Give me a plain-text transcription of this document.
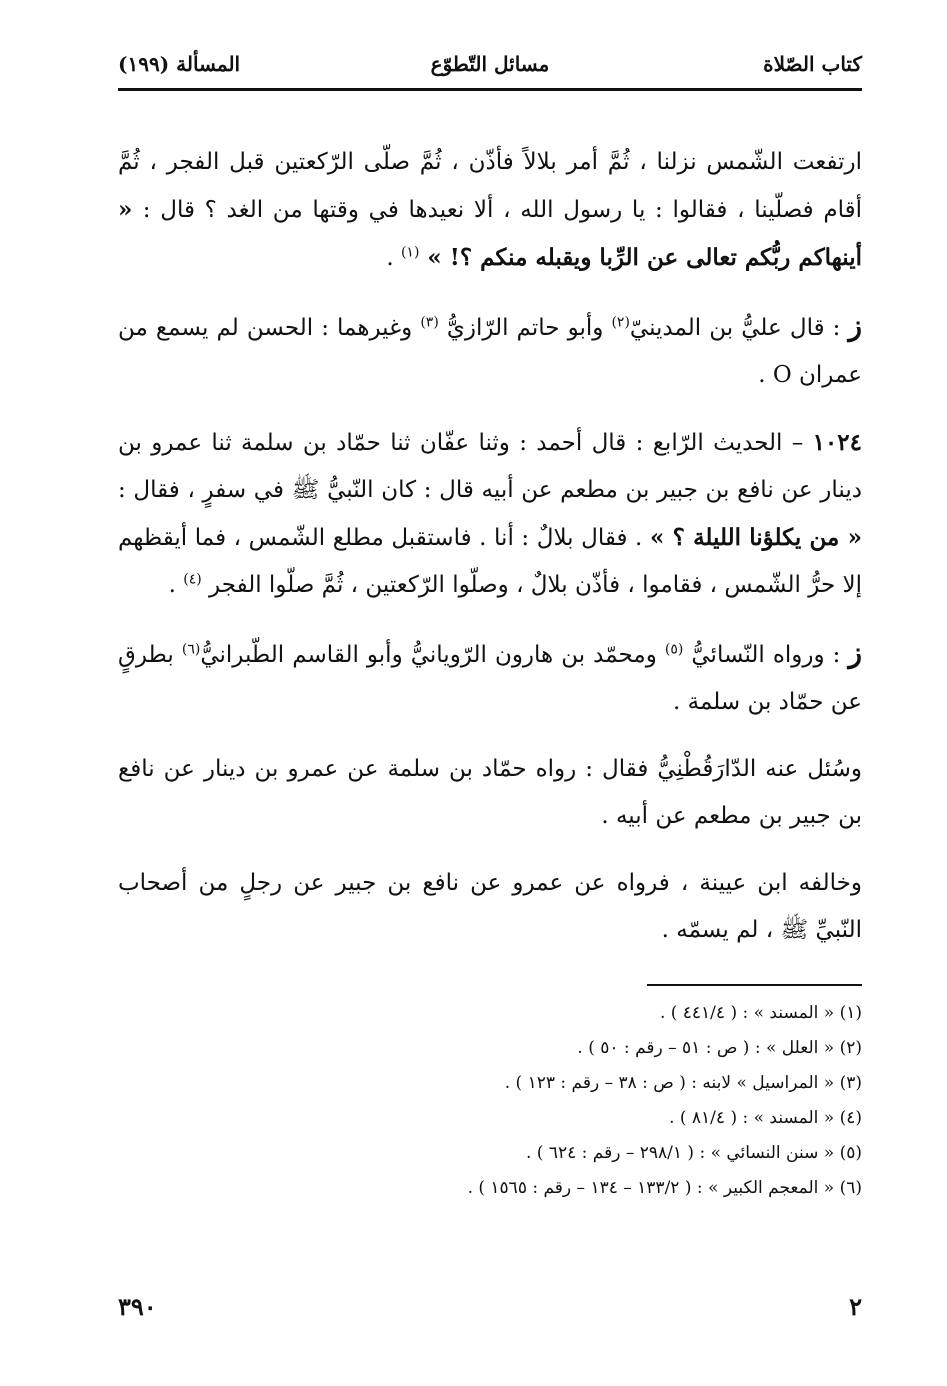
كتاب الصّلاة
مسائل التّطوّع
المسألة (١٩٩)

ارتفعت الشّمس نزلنا ، ثُمَّ أمر بلالاً فأذّن ، ثُمَّ صلّى الرّكعتين قبل الفجر ، ثُمَّ أقام فصلّينا ، فقالوا : يا رسول الله ، ألا نعيدها في وقتها من الغد ؟ قال : « أينهاكم ربُّكم تعالى عن الرِّبا ويقبله منكم ؟! » $^{(١)}$ .

ز : قال عليُّ بن المدينيّ$^{(٢)}$ وأبو حاتم الرّازيُّ $^{(٣)}$ وغيرهما : الحسن لم يسمع من عمران O .

١٠٢٤ – الحديث الرّابع : قال أحمد : وثنا عفّان ثنا حمّاد بن سلمة ثنا عمرو بن دينار عن نافع بن جبير بن مطعم عن أبيه قال : كان النّبيُّ ﷺ في سفرٍ ، فقال : « من يكلؤنا الليلة ؟ » . فقال بلالٌ : أنا . فاستقبل مطلع الشّمس ، فما أيقظهم إلا حرُّ الشّمس ، فقاموا ، فأذّن بلالٌ ، وصلّوا الرّكعتين ، ثُمَّ صلّوا الفجر $^{(٤)}$ .

ز : ورواه النّسائيُّ $^{(٥)}$ ومحمّد بن هارون الرّويانيُّ وأبو القاسم الطّبرانيُّ$^{(٦)}$ بطرقٍ عن حمّاد بن سلمة .

وسُئل عنه الدّارَقُطْنِيُّ فقال : رواه حمّاد بن سلمة عن عمرو بن دينار عن نافع بن جبير بن مطعم عن أبيه .

وخالفه ابن عيينة ، فرواه عن عمرو عن نافع بن جبير عن رجلٍ من أصحاب النّبيِّ ﷺ ، لم يسمّه .

(١) « المسند » : ( ٤٤١/٤ ) .

(٢) « العلل » : ( ص : ٥١ – رقم : ٥٠ ) .

(٣) « المراسيل » لابنه : ( ص : ٣٨ – رقم : ١٢٣ ) .

(٤) « المسند » : ( ٨١/٤ ) .

(٥) « سنن النسائي » : ( ٢٩٨/١ – رقم : ٦٢٤ ) .

(٦) « المعجم الكبير » : ( ١٣٣/٢ – ١٣٤ – رقم : ١٥٦٥ ) .

٢
٣٩٠
